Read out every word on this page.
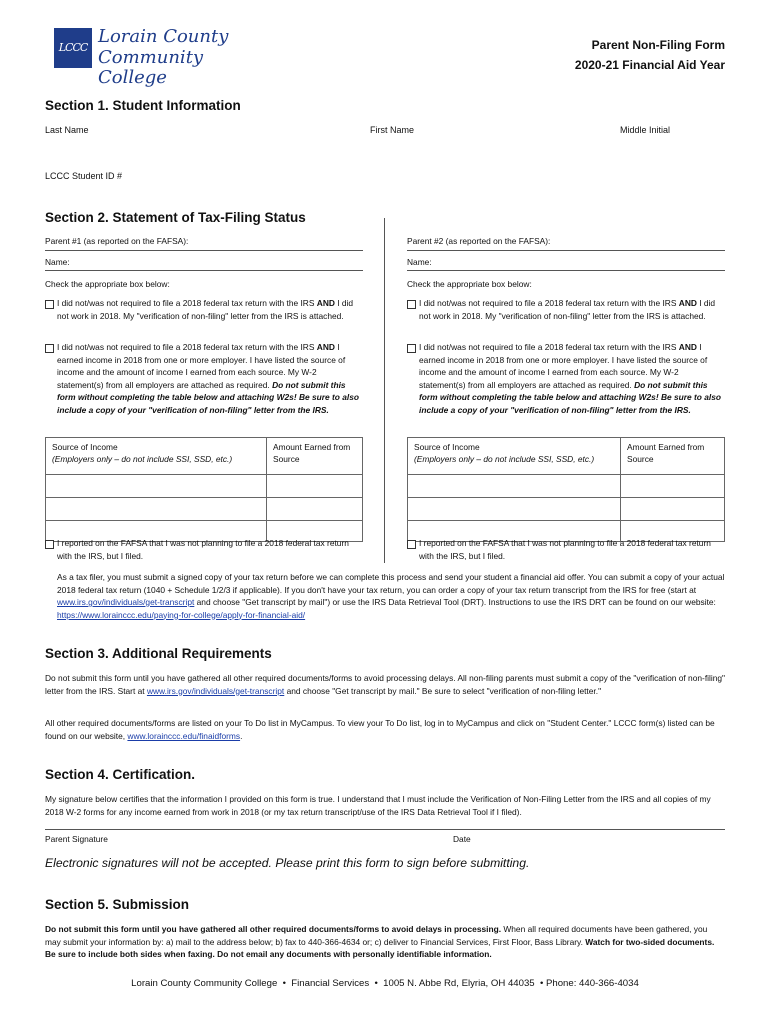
LCCC
Lorain County
Community College
Parent Non-Filing Form
2020-21 Financial Aid Year
Section 1. Student Information
Last Name	First Name	Middle Initial
LCCC Student ID #
Section 2. Statement of Tax-Filing Status
Parent #1 (as reported on the FAFSA):
Name:
Check the appropriate box below:
I did not/was not required to file a 2018 federal tax return with the IRS AND I did not work in 2018. My "verification of non-filing" letter from the IRS is attached.
I did not/was not required to file a 2018 federal tax return with the IRS AND I earned income in 2018 from one or more employer. I have listed the source of income and the amount of income I earned from each source. My W-2 statement(s) from all employers are attached as required. Do not submit this form without completing the table below and attaching W2s! Be sure to also include a copy of your "verification of non-filing" letter from the IRS.
Source of Income
(Employers only – do not include SSI, SSD, etc.)	Amount Earned from Source

I reported on the FAFSA that I was not planning to file a 2018 federal tax return with the IRS, but I filed.
Parent #2 (as reported on the FAFSA):
Name:
Check the appropriate box below:
I did not/was not required to file a 2018 federal tax return with the IRS AND I did not work in 2018. My "verification of non-filing" letter from the IRS is attached.
I did not/was not required to file a 2018 federal tax return with the IRS AND I earned income in 2018 from one or more employer. I have listed the source of income and the amount of income I earned from each source. My W-2 statement(s) from all employers are attached as required. Do not submit this form without completing the table below and attaching W2s! Be sure to also include a copy of your "verification of non-filing" letter from the IRS.
Source of Income
(Employers only – do not include SSI, SSD, etc.)	Amount Earned from Source

I reported on the FAFSA that I was not planning to file a 2018 federal tax return with the IRS, but I filed.
As a tax filer, you must submit a signed copy of your tax return before we can complete this process and send your student a financial aid offer. You can submit a copy of your actual 2018 federal tax return (1040 + Schedule 1/2/3 if applicable). If you don't have your tax return, you can order a copy of your tax return transcript from the IRS for free (start at www.irs.gov/individuals/get-transcript and choose "Get transcript by mail") or use the IRS Data Retrieval Tool (DRT). Instructions to use the IRS DRT can be found on our website: https://www.lorainccc.edu/paying-for-college/apply-for-financial-aid/
Section 3. Additional Requirements
Do not submit this form until you have gathered all other required documents/forms to avoid processing delays. All non-filing parents must submit a copy of the "verification of non-filing" letter from the IRS. Start at www.irs.gov/individuals/get-transcript and choose "Get transcript by mail." Be sure to select "verification of non-filing letter."
All other required documents/forms are listed on your To Do list in MyCampus. To view your To Do list, log in to MyCampus and click on "Student Center." LCCC form(s) listed can be found on our website, www.lorainccc.edu/finaidforms.
Section 4. Certification.
My signature below certifies that the information I provided on this form is true. I understand that I must include the Verification of Non-Filing Letter from the IRS and all copies of my 2018 W-2 forms for any income earned from work in 2018 (or my tax return transcript/use of the IRS Data Retrieval Tool if I filed).
Parent Signature	Date
Electronic signatures will not be accepted. Please print this form to sign before submitting.
Section 5. Submission
Do not submit this form until you have gathered all other required documents/forms to avoid delays in processing. When all required documents have been gathered, you may submit your information by: a) mail to the address below; b) fax to 440-366-4634 or; c) deliver to Financial Services, First Floor, Bass Library. Watch for two-sided documents. Be sure to include both sides when faxing. Do not email any documents with personally identifiable information.
Lorain County Community College  •  Financial Services  •  1005 N. Abbe Rd, Elyria, OH 44035  • Phone: 440-366-4034
